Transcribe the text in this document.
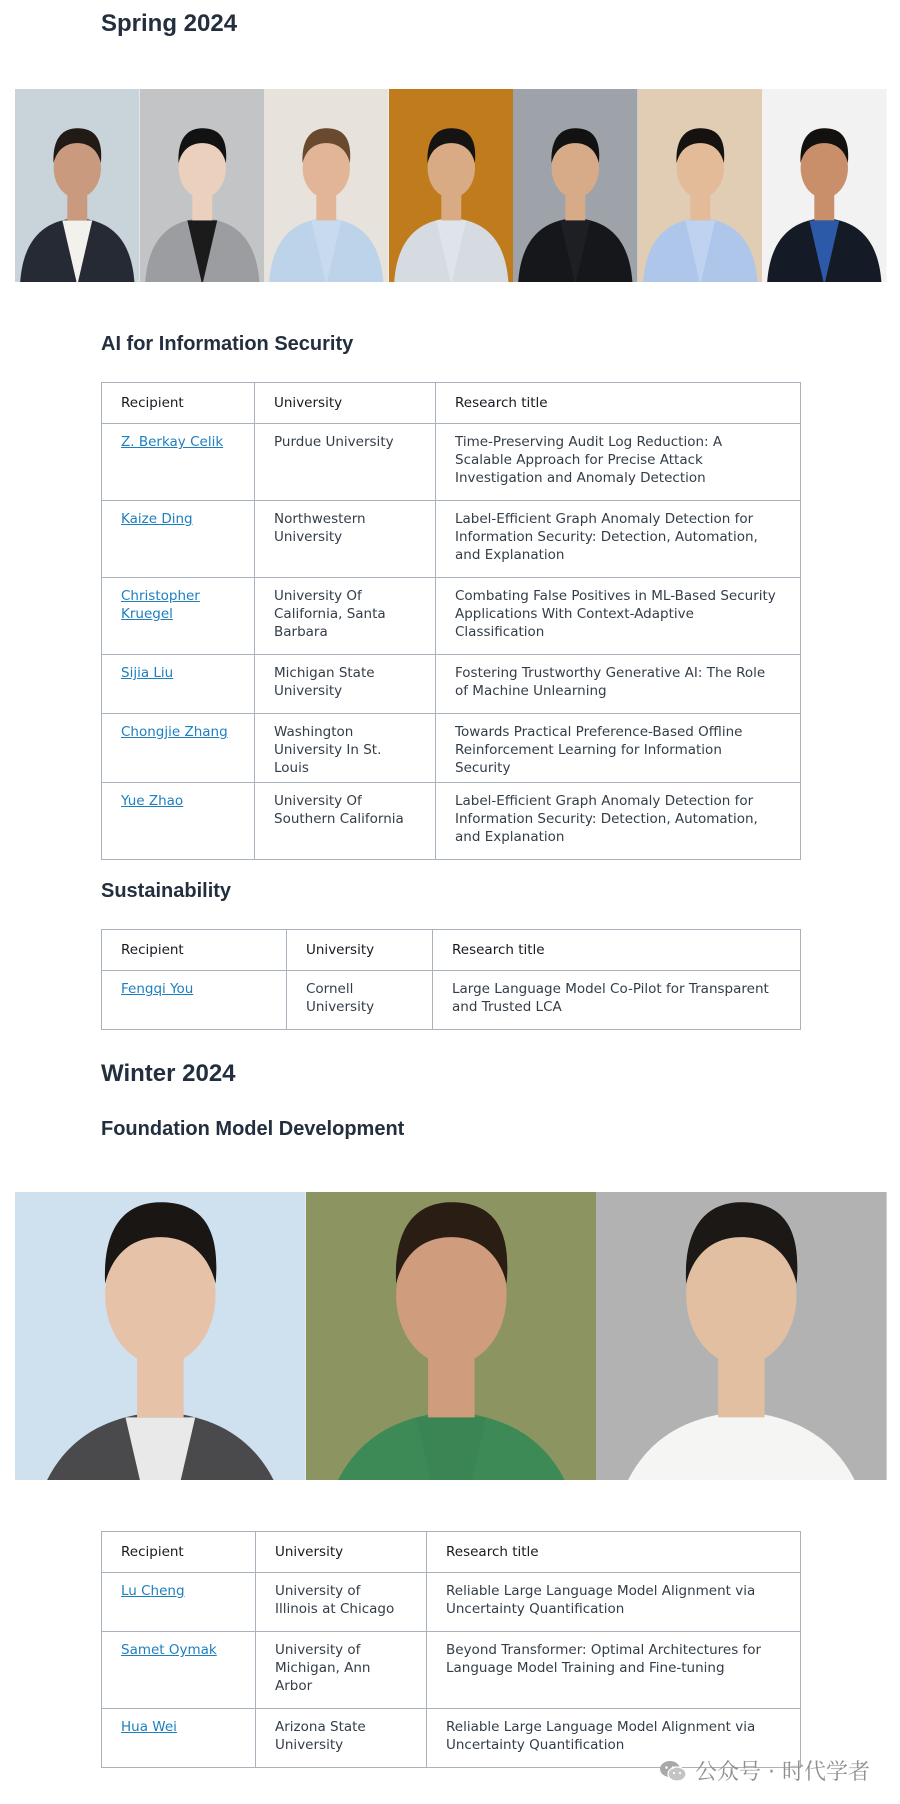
Spring 2024
AI for Information Security
Recipient	University	Research title
Z. Berkay Celik	Purdue University	Time-Preserving Audit Log Reduction: A Scalable Approach for Precise Attack Investigation and Anomaly Detection
Kaize Ding	Northwestern University	Label-Efficient Graph Anomaly Detection for Information Security: Detection, Automation, and Explanation
Christopher Kruegel	University Of California, Santa Barbara	Combating False Positives in ML-Based Security Applications With Context-Adaptive Classification
Sijia Liu	Michigan State University	Fostering Trustworthy Generative AI: The Role of Machine Unlearning
Chongjie Zhang	Washington University In St. Louis	Towards Practical Preference-Based Offline Reinforcement Learning for Information Security
Yue Zhao	University Of Southern California	Label-Efficient Graph Anomaly Detection for Information Security: Detection, Automation, and Explanation
Sustainability
Recipient	University	Research title
Fengqi You	Cornell University	Large Language Model Co-Pilot for Transparent and Trusted LCA
Winter 2024
Foundation Model Development
Recipient	University	Research title
Lu Cheng	University of Illinois at Chicago	Reliable Large Language Model Alignment via Uncertainty Quantification
Samet Oymak	University of Michigan, Ann Arbor	Beyond Transformer: Optimal Architectures for Language Model Training and Fine-tuning
Hua Wei	Arizona State University	Reliable Large Language Model Alignment via Uncertainty Quantification
公众号 · 时代学者
